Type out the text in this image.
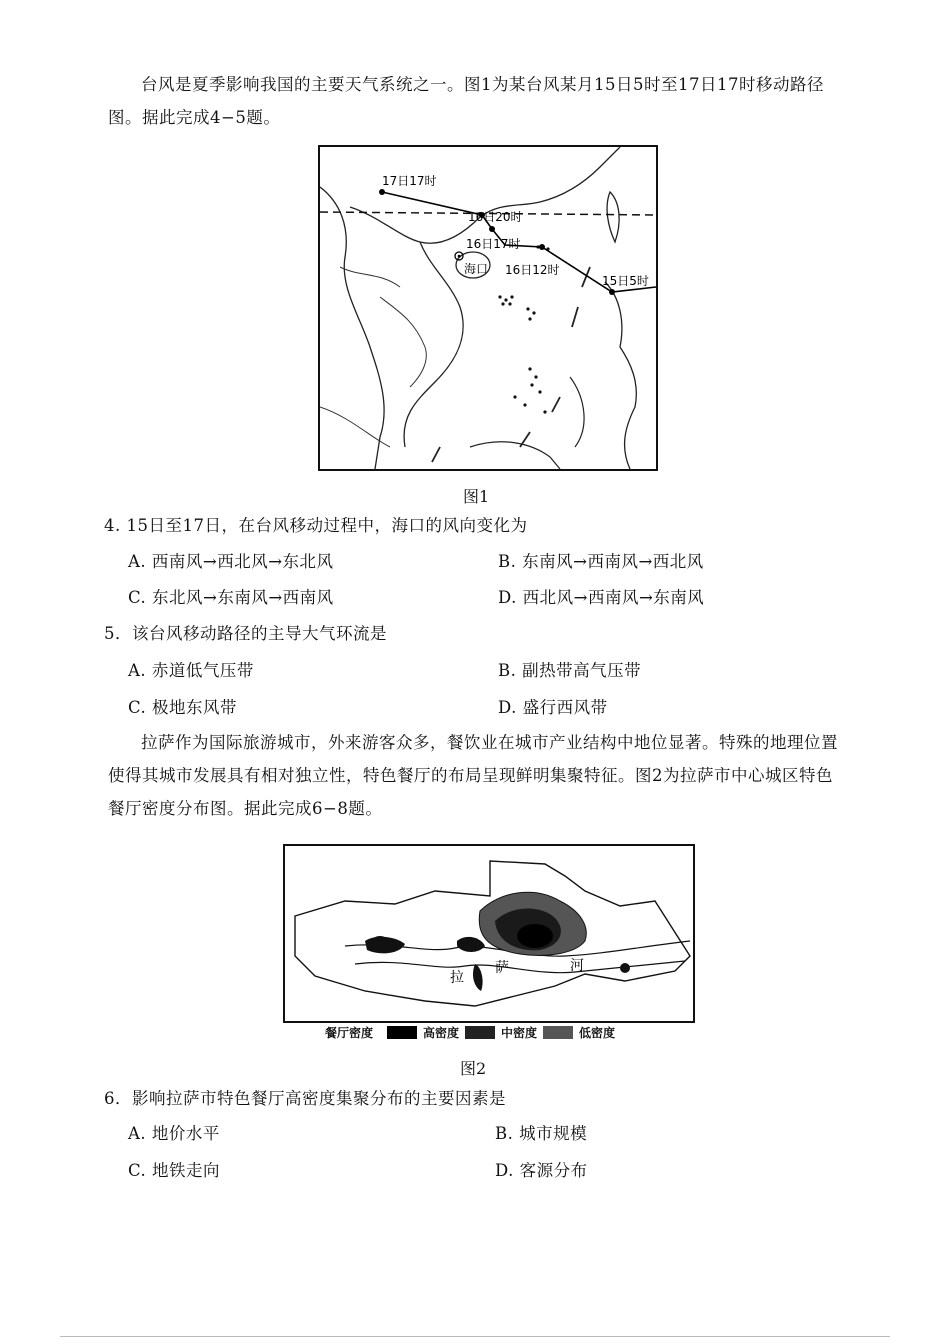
台风是夏季影响我国的主要天气系统之一。图1为某台风某月15日5时至17日17时移动路径图。据此完成4−5题。
17日17时
16日20时
16日17时
16日12时
15日5时
海口
图1
4. 15日至17日，在台风移动过程中，海口的风向变化为
A. 西南风→西北风→东北风	B. 东南风→西南风→西北风
C. 东北风→东南风→西南风	D. 西北风→西南风→东南风
5．该台风移动路径的主导大气环流是
A. 赤道低气压带	B. 副热带高气压带
C. 极地东风带	D. 盛行西风带
拉萨作为国际旅游城市，外来游客众多，餐饮业在城市产业结构中地位显著。特殊的地理位置使得其城市发展具有相对独立性，特色餐厅的布局呈现鲜明集聚特征。图2为拉萨市中心城区特色餐厅密度分布图。据此完成6−8题。
拉
萨	河
餐厅密度	高密度	中密度	低密度
图2
6．影响拉萨市特色餐厅高密度集聚分布的主要因素是
A. 地价水平	B. 城市规模
C. 地铁走向	D. 客源分布
